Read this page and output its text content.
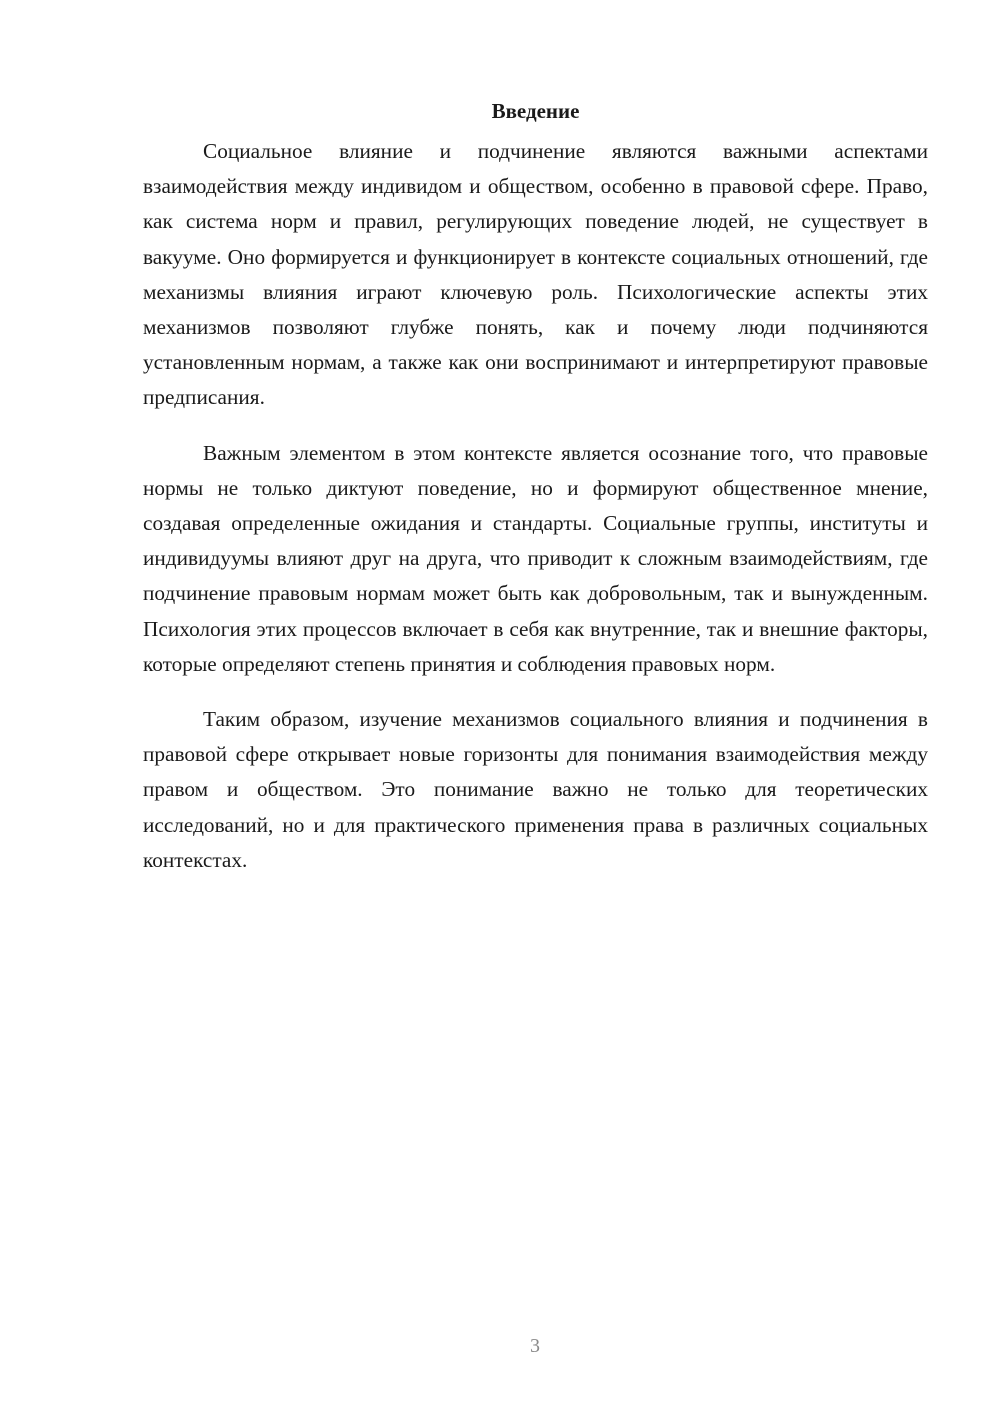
Введение

Социальное влияние и подчинение являются важными аспектами взаимодействия между индивидом и обществом, особенно в правовой сфере. Право, как система норм и правил, регулирующих поведение людей, не существует в вакууме. Оно формируется и функционирует в контексте социальных отношений, где механизмы влияния играют ключевую роль. Психологические аспекты этих механизмов позволяют глубже понять, как и почему люди подчиняются установленным нормам, а также как они воспринимают и интерпретируют правовые предписания.

Важным элементом в этом контексте является осознание того, что правовые нормы не только диктуют поведение, но и формируют общественное мнение, создавая определенные ожидания и стандарты. Социальные группы, институты и индивидуумы влияют друг на друга, что приводит к сложным взаимодействиям, где подчинение правовым нормам может быть как добровольным, так и вынужденным. Психология этих процессов включает в себя как внутренние, так и внешние факторы, которые определяют степень принятия и соблюдения правовых норм.

Таким образом, изучение механизмов социального влияния и подчинения в правовой сфере открывает новые горизонты для понимания взаимодействия между правом и обществом. Это понимание важно не только для теоретических исследований, но и для практического применения права в различных социальных контекстах.

3
